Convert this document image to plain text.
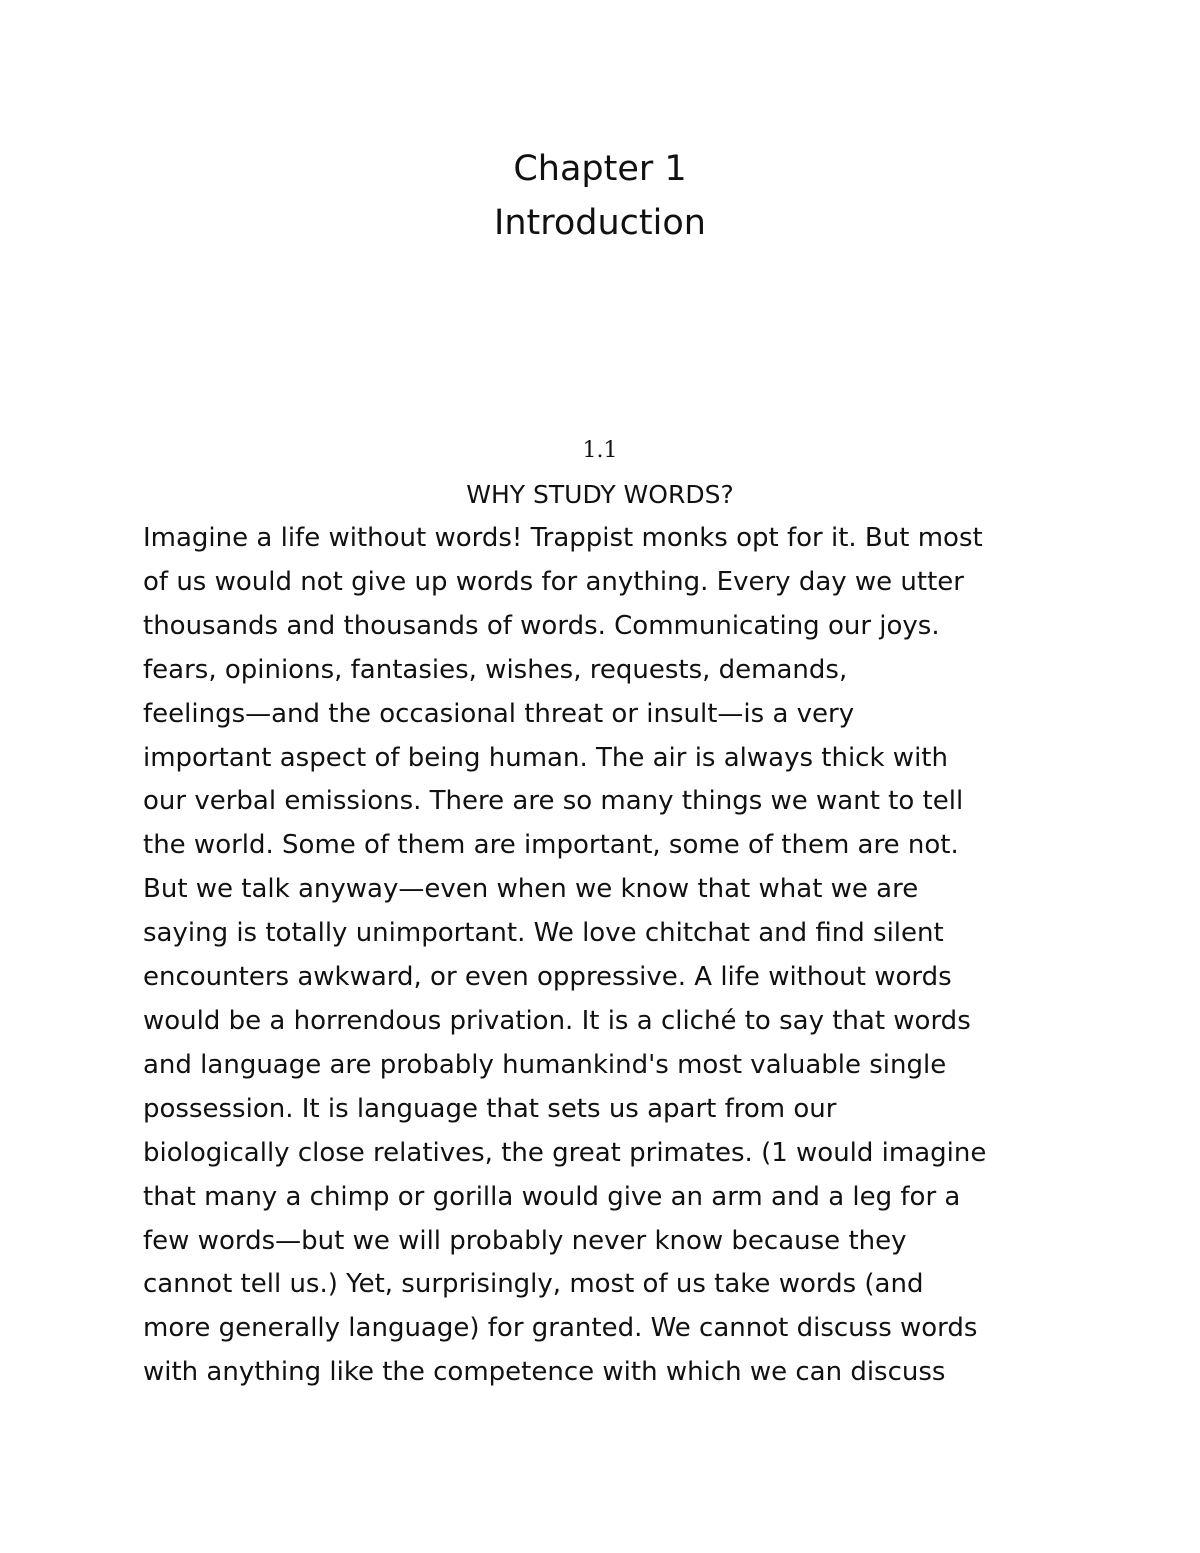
Chapter 1
Introduction
1.1
WHY STUDY WORDS?

Imagine a life without words! Trappist monks opt for it. But most
of us would not give up words for anything. Every day we utter
thousands and thousands of words. Communicating our joys.
fears, opinions, fantasies, wishes, requests, demands,
feelings—and the occasional threat or insult—is a very
important aspect of being human. The air is always thick with
our verbal emissions. There are so many things we want to tell
the world. Some of them are important, some of them are not.
But we talk anyway—even when we know that what we are
saying is totally unimportant. We love chitchat and find silent
encounters awkward, or even oppressive. A life without words
would be a horrendous privation. It is a cliché to say that words
and language are probably humankind's most valuable single
possession. It is language that sets us apart from our
biologically close relatives, the great primates. (1 would imagine
that many a chimp or gorilla would give an arm and a leg for a
few words—but we will probably never know because they
cannot tell us.) Yet, surprisingly, most of us take words (and
more generally language) for granted. We cannot discuss words
with anything like the competence with which we can discuss
